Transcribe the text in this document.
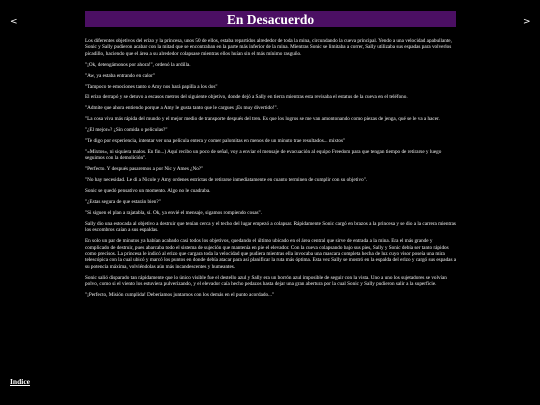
<	>
En Desacuerdo

Los diferentes objetivos del erizo y la princesa, unos 50 de ellos, estaba repartidos alrededor de toda la mina, circundando la cueva principal. Yendo a una velocidad apabullante, Sonic y Sally pudieron acabar con la mitad que se encontraban en la parte más inferior de la mina. Mientras Sonic se limitaba a correr, Sally utilizaba sus espadas para volverlos picadillo, haciendo que el área a su alrededor colapsase mientras ellos huían sin el más mínimo rasguño.

"¡Ok, detengámonos por ahora!", ordenó la ardilla.

"Aw, ya estaba entrando en calor"

"Tampoco te emociones tanto o Amy nos hará papilla a los dos"

El erizo derrapó y se detuvo a escasos metros del siguiente objetivo, donde dejó a Sally en tierra mientras esta revisaba el estatus de la cueva en el teléfono.

"Admite que ahora entiendo porque a Amy le gusta tanto que le cargues ¡Es muy divertido!".

"La cosa viva más rápida del mundo y el mejor medio de transporte después del tren. Es que los logros se me van amontonando como piezas de jenga, qué se le va a hacer.

"¿El mejor»? ¿Sin comida o películas?"

"Te digo por experiencia, intentar ver una película entera y comer palomitas en menos de un minuto trae resultados... mixtos"

"«Mixtos», ni siquiera malos. En fin...) Aquí recibo un poco de señal, voy a enviar el mensaje de evacuación al equipo Freedom para que tengan tiempo de retirarse y luego seguimos con la demolición".

"Perfecto. Y después pasaremos a por Nic y Ames ¿No?"

"No hay necesidad. Le di a Nicole y Amy ordenes estrictas de retirarse inmediatamente en cuanto terminen de cumplir con su objetivo".

Sonic se quedó pensativo un momento. Algo no le cuadraba.

"¿Estas segura de que estarán bien?"

"Si siguen el plan a rajatabla, sí. Ok, ya envié el mensaje, sigamos rompiendo cosas".

Sally dio una estocada al objetivo a destruir que tenían cerca y el techo del lugar empezó a colapsar. Rápidamente Sonic cargó en brazos a la princesa y se dio a la carrera mientras los escombros caían a sus espaldas.

En solo un par de minutos ya habían acabado casi todos los objetivos, quedando el último ubicado en el área central que sirve de entrada a la mina. Era el más grande y complicado de destruir, pues abarcaba todo el sistema de sujeción que mantenía en pie el elevador. Con la cueva colapsando bajo sus pies, Sally y Sonic debía ser tanto rápidos como precisos. La princesa le indicó al erizo que cargara toda la velocidad que pudiera mientras ella invocaba una mascara completa hecha de luz cuyo visor poseía una mira telescópica con la cual ubicó y marcó los puntos en donde debía atacar para así planificar la ruta más óptima. Esta vez Sally se mostró en la espalda del erizo y cargó sus espadas a su potencia máxima, volviéndolas aún más incandescentes y humeantes.

Sonic salió disparado tan rápidamente que lo único visible fue el destello azul y Sally era un borrón azul imposible de seguir con la vista. Uno a uno los sujetadores se volvían polvo, como si el viento los estuviera pulverizando, y el elevador caía hecho pedazos hasta dejar una gran abertura por la cual Sonic y Sally pudieron salir a la superficie.

"¡Perfecto, Misión cumplida! Deberíamos juntarnos con los demás en el punto acordado..."

Indice
